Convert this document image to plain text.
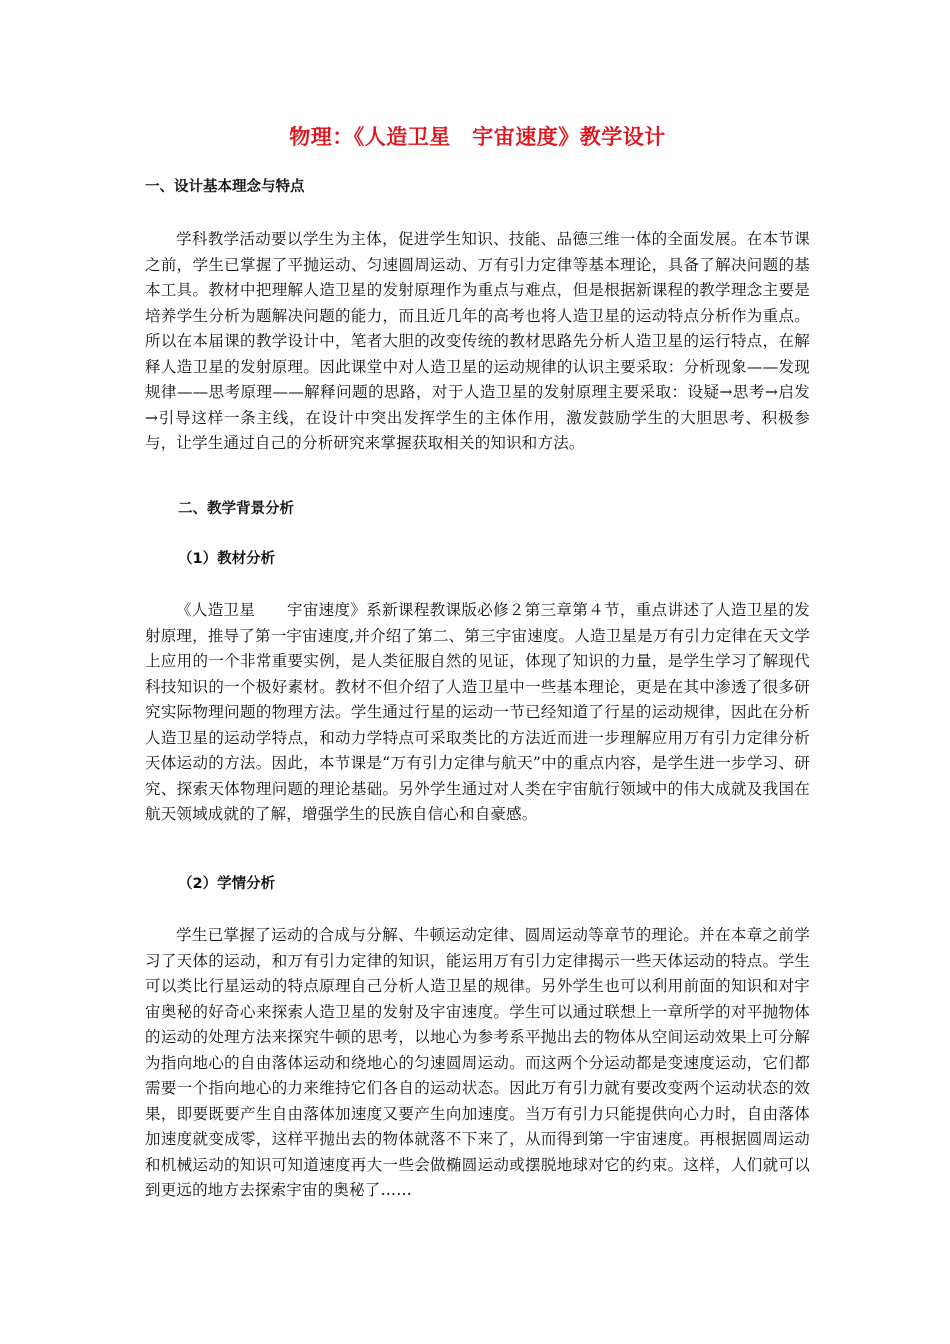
物理：《人造卫星　宇宙速度》教学设计
一、设计基本理念与特点
学科教学活动要以学生为主体，促进学生知识、技能、品德三维一体的全面发展。在本节课之前，学生已掌握了平抛运动、匀速圆周运动、万有引力定律等基本理论，具备了解决问题的基本工具。教材中把理解人造卫星的发射原理作为重点与难点，但是根据新课程的教学理念主要是培养学生分析为题解决问题的能力，而且近几年的高考也将人造卫星的运动特点分析作为重点。所以在本届课的教学设计中，笔者大胆的改变传统的教材思路先分析人造卫星的运行特点，在解释人造卫星的发射原理。因此课堂中对人造卫星的运动规律的认识主要采取：分析现象——发现规律——思考原理——解释问题的思路，对于人造卫星的发射原理主要采取：设疑→思考→启发→引导这样一条主线，在设计中突出发挥学生的主体作用，激发鼓励学生的大胆思考、积极参与，让学生通过自己的分析研究来掌握获取相关的知识和方法。
二、教学背景分析
（1）教材分析
《人造卫星　　宇宙速度》系新课程教课版必修２第三章第４节，重点讲述了人造卫星的发射原理，推导了第一宇宙速度,并介绍了第二、第三宇宙速度。人造卫星是万有引力定律在天文学上应用的一个非常重要实例，是人类征服自然的见证，体现了知识的力量，是学生学习了解现代科技知识的一个极好素材。教材不但介绍了人造卫星中一些基本理论，更是在其中渗透了很多研究实际物理问题的物理方法。学生通过行星的运动一节已经知道了行星的运动规律，因此在分析人造卫星的运动学特点，和动力学特点可采取类比的方法近而进一步理解应用万有引力定律分析天体运动的方法。因此，本节课是“万有引力定律与航天”中的重点内容，是学生进一步学习、研究、探索天体物理问题的理论基础。另外学生通过对人类在宇宙航行领域中的伟大成就及我国在航天领域成就的了解，增强学生的民族自信心和自豪感。
（2）学情分析
学生已掌握了运动的合成与分解、牛顿运动定律、圆周运动等章节的理论。并在本章之前学习了天体的运动，和万有引力定律的知识，能运用万有引力定律揭示一些天体运动的特点。学生可以类比行星运动的特点原理自己分析人造卫星的规律。另外学生也可以利用前面的知识和对宇宙奥秘的好奇心来探索人造卫星的发射及宇宙速度。学生可以通过联想上一章所学的对平抛物体的运动的处理方法来探究牛顿的思考，以地心为参考系平抛出去的物体从空间运动效果上可分解为指向地心的自由落体运动和绕地心的匀速圆周运动。而这两个分运动都是变速度运动，它们都需要一个指向地心的力来维持它们各自的运动状态。因此万有引力就有要改变两个运动状态的效果，即要既要产生自由落体加速度又要产生向加速度。当万有引力只能提供向心力时，自由落体加速度就变成零，这样平抛出去的物体就落不下来了，从而得到第一宇宙速度。再根据圆周运动和机械运动的知识可知道速度再大一些会做椭圆运动或摆脱地球对它的约束。这样，人们就可以到更远的地方去探索宇宙的奥秘了……
